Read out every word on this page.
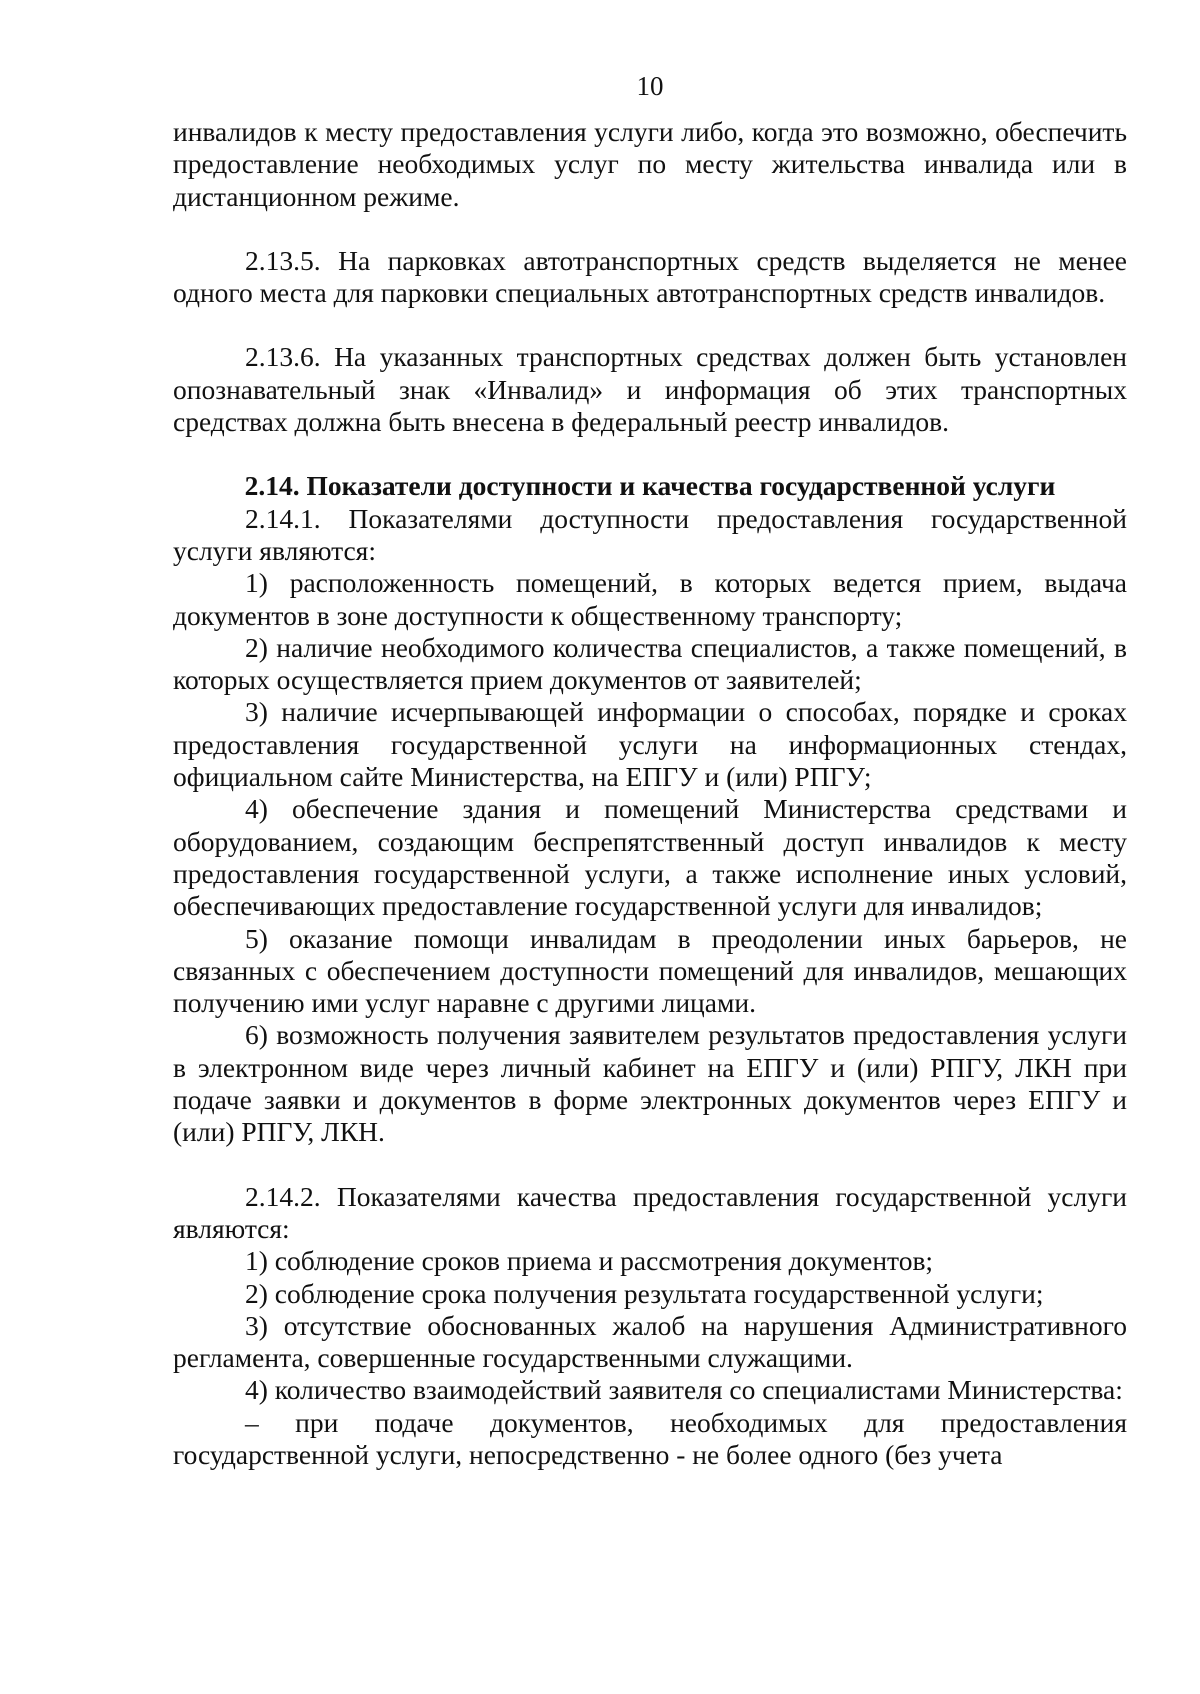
10

инвалидов к месту предоставления услуги либо, когда это возможно, обеспечить предоставление необходимых услуг по месту жительства инвалида или в дистанционном режиме.

2.13.5. На парковках автотранспортных средств выделяется не менее одного места для парковки специальных автотранспортных средств инвалидов.

2.13.6. На указанных транспортных средствах должен быть установлен опознавательный знак «Инвалид» и информация об этих транспортных средствах должна быть внесена в федеральный реестр инвалидов.

2.14. Показатели доступности и качества государственной услуги

2.14.1. Показателями доступности предоставления государственной услуги являются:

1) расположенность помещений, в которых ведется прием, выдача документов в зоне доступности к общественному транспорту;

2) наличие необходимого количества специалистов, а также помещений, в которых осуществляется прием документов от заявителей;

3) наличие исчерпывающей информации о способах, порядке и сроках предоставления государственной услуги на информационных стендах, официальном сайте Министерства, на ЕПГУ и (или) РПГУ;

4) обеспечение здания и помещений Министерства средствами и оборудованием, создающим беспрепятственный доступ инвалидов к месту предоставления государственной услуги, а также исполнение иных условий, обеспечивающих предоставление государственной услуги для инвалидов;

5) оказание помощи инвалидам в преодолении иных барьеров, не связанных с обеспечением доступности помещений для инвалидов, мешающих получению ими услуг наравне с другими лицами.

6) возможность получения заявителем результатов предоставления услуги в электронном виде через личный кабинет на ЕПГУ и (или) РПГУ, ЛКН при подаче заявки и документов в форме электронных документов через ЕПГУ и (или) РПГУ, ЛКН.

2.14.2. Показателями качества предоставления государственной услуги являются:

1) соблюдение сроков приема и рассмотрения документов;

2) соблюдение срока получения результата государственной услуги;

3) отсутствие обоснованных жалоб на нарушения Административного регламента, совершенные государственными служащими.

4) количество взаимодействий заявителя со специалистами Министерства:

– при подаче документов, необходимых для предоставления государственной услуги, непосредственно - не более одного (без учета
